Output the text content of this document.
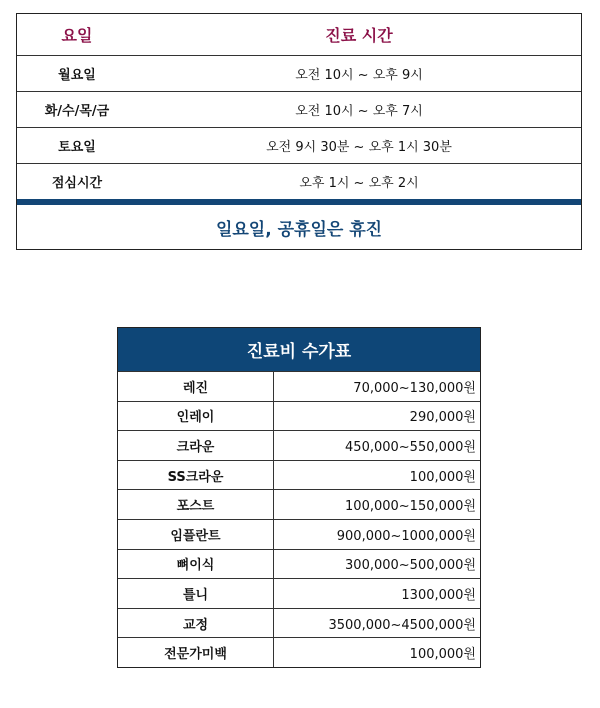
요일	진료 시간
월요일	오전 10시 ~ 오후 9시
화/수/목/금	오전 10시 ~ 오후 7시
토요일	오전 9시 30분 ~ 오후 1시 30분
점심시간	오후 1시 ~ 오후 2시
일요일, 공휴일은 휴진
진료비 수가표
레진	70,000~130,000원
인레이	290,000원
크라운	450,000~550,000원
SS크라운	100,000원
포스트	100,000~150,000원
임플란트	900,000~1000,000원
뼈이식	300,000~500,000원
틀니	1300,000원
교정	3500,000~4500,000원
전문가미백	100,000원
